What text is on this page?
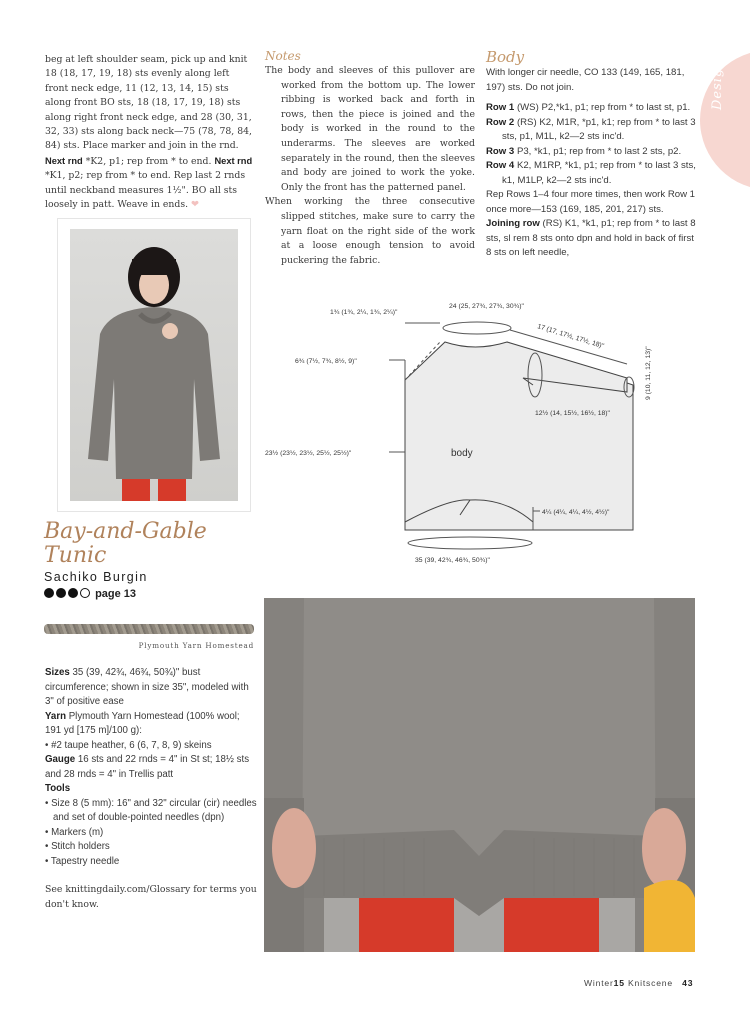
beg at left shoulder seam, pick up and knit 18 (18, 17, 19, 18) sts evenly along left front neck edge, 11 (12, 13, 14, 15) sts along front BO sts, 18 (18, 17, 19, 18) sts along right front neck edge, and 28 (30, 31, 32, 33) sts along back neck—75 (78, 78, 84, 84) sts. Place marker and join in the rnd. Next rnd *K2, p1; rep from * to end. Next rnd *K1, p2; rep from * to end. Rep last 2 rnds until neckband measures 1½". BO all sts loosely in patt. Weave in ends. ❤

Notes

The body and sleeves of this pullover are worked from the bottom up. The lower ribbing is worked back and forth in rows, then the piece is joined and the body is worked in the round to the underarms. The sleeves are worked separately in the round, then the sleeves and body are joined to work the yoke. Only the front has the patterned panel.

When working the three consecutive slipped stitches, make sure to carry the yarn float on the right side of the work at a loose enough tension to avoid puckering the fabric.

Body

With longer cir needle, CO 133 (149, 165, 181, 197) sts. Do not join.

Row 1 (WS) P2,*k1, p1; rep from * to last st, p1.

Row 2 (RS) K2, M1R, *p1, k1; rep from * to last 3 sts, p1, M1L, k2—2 sts inc'd.

Row 3 P3, *k1, p1; rep from * to last 2 sts, p2.

Row 4 K2, M1RP, *k1, p1; rep from * to last 3 sts, k1, M1LP, k2—2 sts inc'd.

Rep Rows 1–4 four more times, then work Row 1 once more—153 (169, 185, 201, 217) sts.

Joining row (RS) K1, *k1, p1; rep from * to last 8 sts, sl rem 8 sts onto dpn and hold in back of first 8 sts on left needle,

Designer
1¾ (1¾, 2¼, 1¾, 2¼)"
24 (25, 27¾, 27¾, 30¾)"
17 (17, 17½, 17½, 18)"
9 (10, 11, 12, 13)"
6¾ (7½, 7¾, 8½, 9)"
12½ (14, 15½, 16½, 18)"
23½ (23½, 23½, 25½, 25½)"	body
4¼ (4¼, 4¼, 4½, 4½)"
35 (39, 42¾, 46¾, 50¾)"
Bay-and-Gable
Tunic
Sachiko Burgin
page 13
Plymouth Yarn Homestead

Sizes 35 (39, 42¾, 46¾, 50¾)" bust circumference; shown in size 35", modeled with 3" of positive ease

Yarn Plymouth Yarn Homestead (100% wool; 191 yd [175 m]/100 g):

• #2 taupe heather, 6 (6, 7, 8, 9) skeins

Gauge 16 sts and 22 rnds = 4" in St st; 18½ sts and 28 rnds = 4" in Trellis patt

Tools

• Size 8 (5 mm): 16" and 32" circular (cir) needles and set of double-pointed needles (dpn)

• Markers (m)

• Stitch holders

• Tapestry needle

See knittingdaily.com/Glossary for terms you don't know.

Winter15 Knitscene 43
